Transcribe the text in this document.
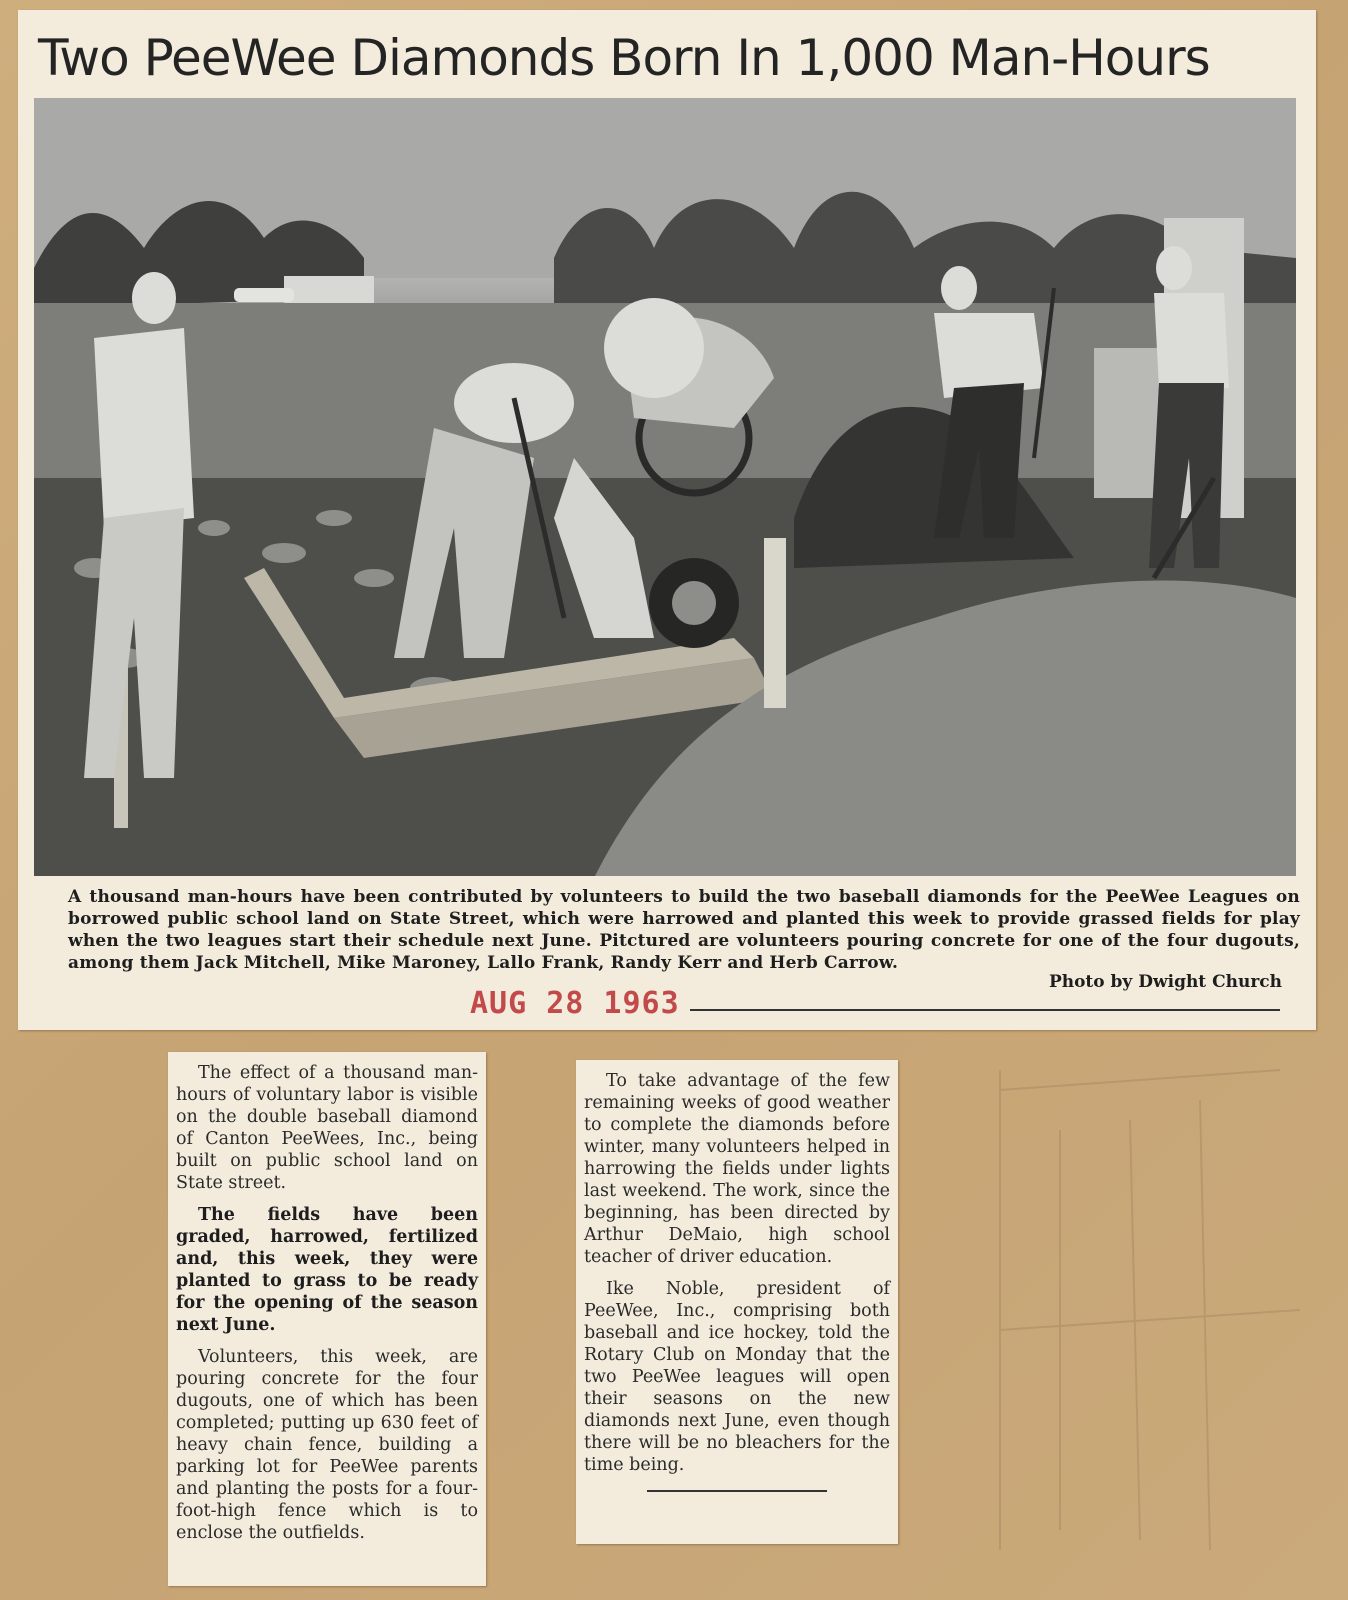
Two PeeWee Diamonds Born In 1,000 Man-Hours
A thousand man-hours have been contributed by volunteers to build the two baseball diamonds for the PeeWee Leagues on borrowed public school land on State Street, which were harrowed and planted this week to provide grassed fields for play when the two leagues start their schedule next June. Pitctured are volunteers pouring concrete for one of the four dugouts, among them Jack Mitchell, Mike Maroney, Lallo Frank, Randy Kerr and Herb Carrow.
Photo by Dwight Church
AUG 28 1963

The effect of a thousand man-hours of voluntary labor is visible on the double baseball diamond of Canton PeeWees, Inc., being built on public school land on State street.

The fields have been graded, harrowed, fertilized and, this week, they were planted to grass to be ready for the opening of the season next June.

Volunteers, this week, are pouring concrete for the four dugouts, one of which has been completed; putting up 630 feet of heavy chain fence, building a parking lot for PeeWee parents and planting the posts for a four-foot-high fence which is to enclose the outfields.

To take advantage of the few remaining weeks of good weather to complete the diamonds before winter, many volunteers helped in harrowing the fields under lights last weekend. The work, since the beginning, has been directed by Arthur DeMaio, high school teacher of driver education.

Ike Noble, president of PeeWee, Inc., comprising both baseball and ice hockey, told the Rotary Club on Monday that the two PeeWee leagues will open their seasons on the new diamonds next June, even though there will be no bleachers for the time being.
